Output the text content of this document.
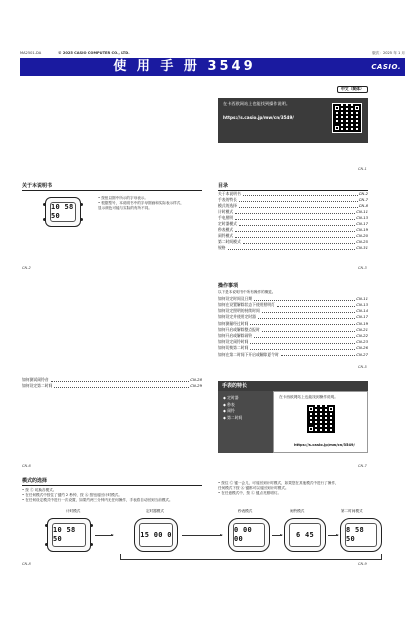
MA2501-DA	© 2025 CASIO COMPUTER CO., LTD.	版次：2025 年 1 月
使 用 手 册 3549	CASIO.
中文（简体）
在卡西欧网站上也能找到操作说明。
https://s.casio.jp/mw/cn/3549/
CN-1
关于本说明书
10 58 50
• 按钮以图中所示的字母表示。
• 根据型号，本说明书中的字母图画和实际表示样式，
显示颜色可能与实际的有所不同。
CN-2
目录
关于本说明书	CN-2
手表的特长	CN-7
模式的选择	CN-8
计时模式	CN-11
手电照明	CN-13
定时器模式	CN-17
秒表模式	CN-19
闹铃模式	CN-20
第二时间模式	CN-25
规格	CN-31
CN-3
操作事项
以下是本说明书中所有操作的概览。
如何设定时间及日期	CN-11
如何在设置解除状态下使用照明灯	CN-13
如何设定照明的持续时间	CN-14
如何设定并使用定时器	CN-17
如何测量经过时间	CN-19
如何开启或解除整点报时	CN-21
如何开启或解除闹铃	CN-22
如何设定闹铃时间	CN-23
如何切换第二时间	CN-26
如何在第二时间下开启或解除夏令时	CN-27
CN-5
如何测试闹铃音	CN-28
如何设定第二时间	CN-29
CN-6
手表的特长
◆ 定时器
◆ 秒表
◆ 闹铃
◆ 第二时间
在卡西欧网站上也能找到操作说明。
https://s.casio.jp/mw/cn/3549/
CN-7
模式的选择
• 按 Ⓒ 切换各模式。
• 在任何模式中按住了键约 2 秒钟，按 Ⓐ 按钮返回计时模式。
• 在任何设定模式中进行一次设置，如果约两三分钟内无任何操作，手表将自动回到当前模式。
• 按住 Ⓒ 键一会儿，可返回到计时模式，如果您在其他模式中进行了操作，
任何模式下按 Ⓐ 键都可以返回到计时模式。
• 在任意模式中，按 Ⓛ 键点亮照明灯。
计时模式
10 58 50
定时器模式
15 00 0
秒表模式
0 00 00
闹铃模式
6 45
第二时间模式
8 58 50
CN-8	CN-9
